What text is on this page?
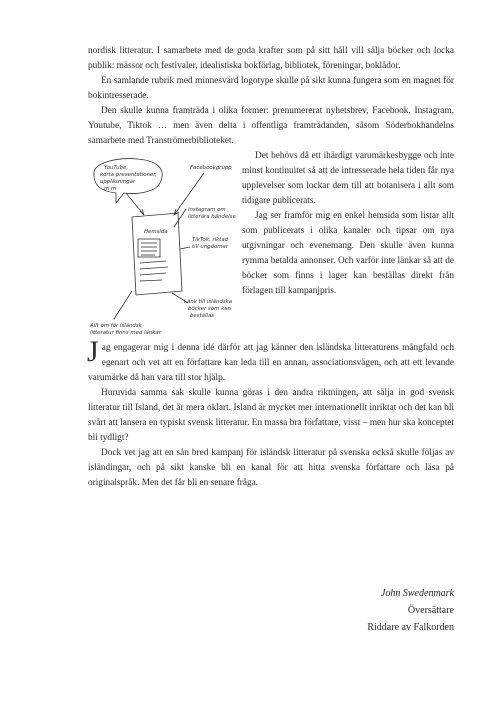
nordisk litteratur. I samarbete med de goda krafter som på sitt håll vill sälja böcker och locka publik: mässor och festivaler, idealistiska bokförlag, bibliotek, föreningar, boklådor.

En samlande rubrik med minnesvärd logotype skulle på sikt kunna fungera som en magnet för bokintresserade.

Den skulle kunna framträda i olika former: prenumererat nyhetsbrev, Facebook, Instagram, Youtube, Tiktok … men även delta i offentliga framträdanden, såsom Söderbokhandelns samarbete med Tranströmerbiblioteket.

YouTube,
korta presentationer,
uppläsningar
m m
Facebookgrupp
Instagram om
litterära händelser
TikTok, riktad
till ungdomar
Hemsida
Länk till isländska
böcker som kan
beställas
Allt om för isländsk
litteratur finns med länkar

Det behövs då ett ihärdigt varumärkesbygge och inte minst kontinuitet så att de intresserade hela tiden får nya upplevelser som lockar dem till att botanisera i allt som tidigare publicerats.

Jag ser framför mig en enkel hemsida som listar allt som publicerats i olika kanaler och tipsar om nya utgivningar och evenemang. Den skulle även kunna rymma betalda annonser. Och varför inte länkar så att de böcker som finns i lager kan beställas direkt från förlagen till kampanjpris.

Jag engagerar mig i denna idé därför att jag känner den isländska litteraturens mångfald och egenart och vet att en författare kan leda till en annan, associationsvägen, och att ett levande varumärke då han vara till stor hjälp.

Huruvida samma sak skulle kunna göras i den andra riktningen, att sälja in god svensk litteratur till Island, det är mera oklart. Island är mycket mer internationellt inriktat och det kan bli svårt att lansera en typiskt svensk litteratur. En massa bra författare, visst – men hur ska konceptet bli tydligt?

Dock vet jag att en sån bred kampanj för isländsk litteratur på svenska också skulle följas av isländingar, och på sikt kanske bli en kanal för att hitta svenska författare och läsa på originalspråk. Men det får bli en senare fråga.

John Swedenmark
Översättare
Riddare av Falkorden
